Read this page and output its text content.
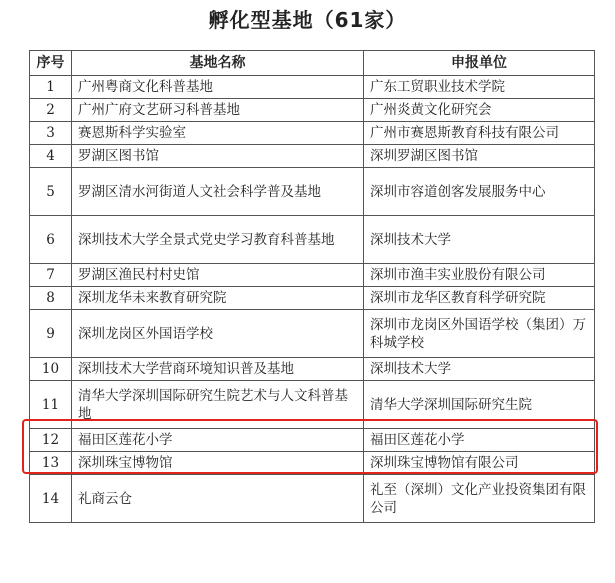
孵化型基地（61家）
序号	基地名称	申报单位
1	广州粤商文化科普基地	广东工贸职业技术学院
2	广州广府文艺研习科普基地	广州炎黄文化研究会
3	赛恩斯科学实验室	广州市赛恩斯教育科技有限公司
4	罗湖区图书馆	深圳罗湖区图书馆
5	罗湖区清水河街道人文社会科学普及基地	深圳市容道创客发展服务中心
6	深圳技术大学全景式党史学习教育科普基地	深圳技术大学
7	罗湖区渔民村村史馆	深圳市渔丰实业股份有限公司
8	深圳龙华未来教育研究院	深圳市龙华区教育科学研究院
9	深圳龙岗区外国语学校	深圳市龙岗区外国语学校（集团）万科城学校
10	深圳技术大学营商环境知识普及基地	深圳技术大学
11	清华大学深圳国际研究生院艺术与人文科普基地	清华大学深圳国际研究生院
12	福田区莲花小学	福田区莲花小学
13	深圳珠宝博物馆	深圳珠宝博物馆有限公司
14	礼商云仓	礼至（深圳）文化产业投资集团有限公司
